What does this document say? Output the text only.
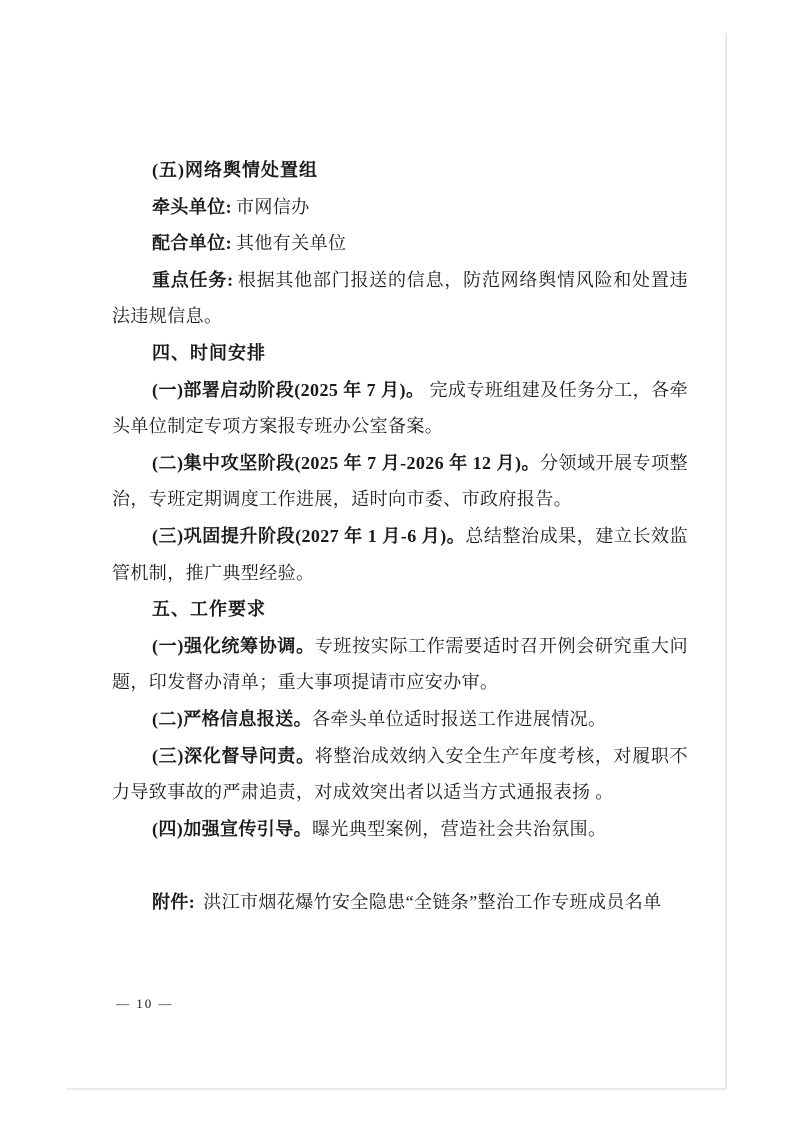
(五)网络舆情处置组

牵头单位: 市网信办

配合单位: 其他有关单位

重点任务: 根据其他部门报送的信息，防范网络舆情风险和处置违法违规信息。

四、时间安排

(一)部署启动阶段(2025 年 7 月)。 完成专班组建及任务分工，各牵头单位制定专项方案报专班办公室备案。

(二)集中攻坚阶段(2025 年 7 月-2026 年 12 月)。分领域开展专项整治，专班定期调度工作进展，适时向市委、市政府报告。

(三)巩固提升阶段(2027 年 1 月-6 月)。总结整治成果，建立长效监管机制，推广典型经验。

五、工作要求

(一)强化统筹协调。专班按实际工作需要适时召开例会研究重大问题，印发督办清单；重大事项提请市应安办审。

(二)严格信息报送。各牵头单位适时报送工作进展情况。

(三)深化督导问责。将整治成效纳入安全生产年度考核，对履职不力导致事故的严肃追责，对成效突出者以适当方式通报表扬 。

(四)加强宣传引导。曝光典型案例，营造社会共治氛围。

附件: 洪江市烟花爆竹安全隐患“全链条”整治工作专班成员名单

— 10 —
